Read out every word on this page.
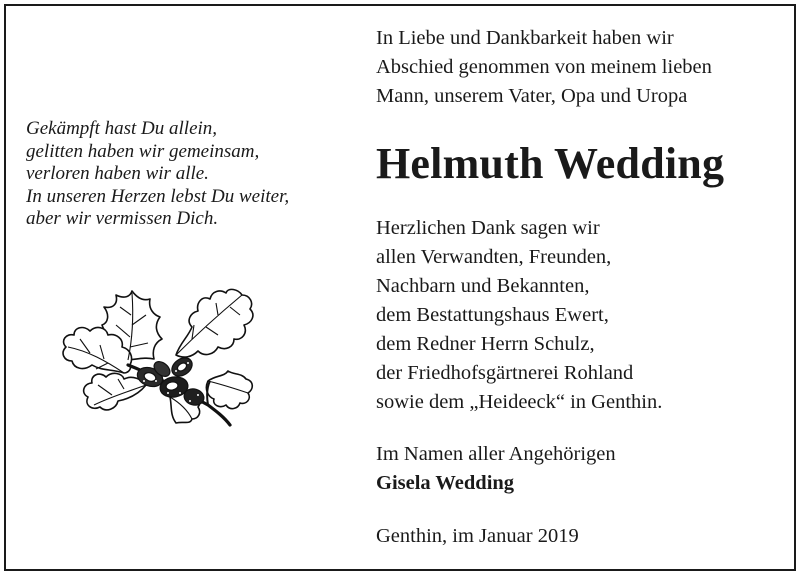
Gekämpft hast Du allein,
gelitten haben wir gemeinsam,
verloren haben wir alle.
In unseren Herzen lebst Du weiter,
aber wir vermissen Dich.
In Liebe und Dankbarkeit haben wir
Abschied genommen von meinem lieben
Mann, unserem Vater, Opa und Uropa
Helmuth Wedding
Herzlichen Dank sagen wir
allen Verwandten, Freunden,
Nachbarn und Bekannten,
dem Bestattungshaus Ewert,
dem Redner Herrn Schulz,
der Friedhofsgärtnerei Rohland
sowie dem „Heideeck“ in Genthin.
Im Namen aller Angehörigen
Gisela Wedding
Genthin, im Januar 2019
